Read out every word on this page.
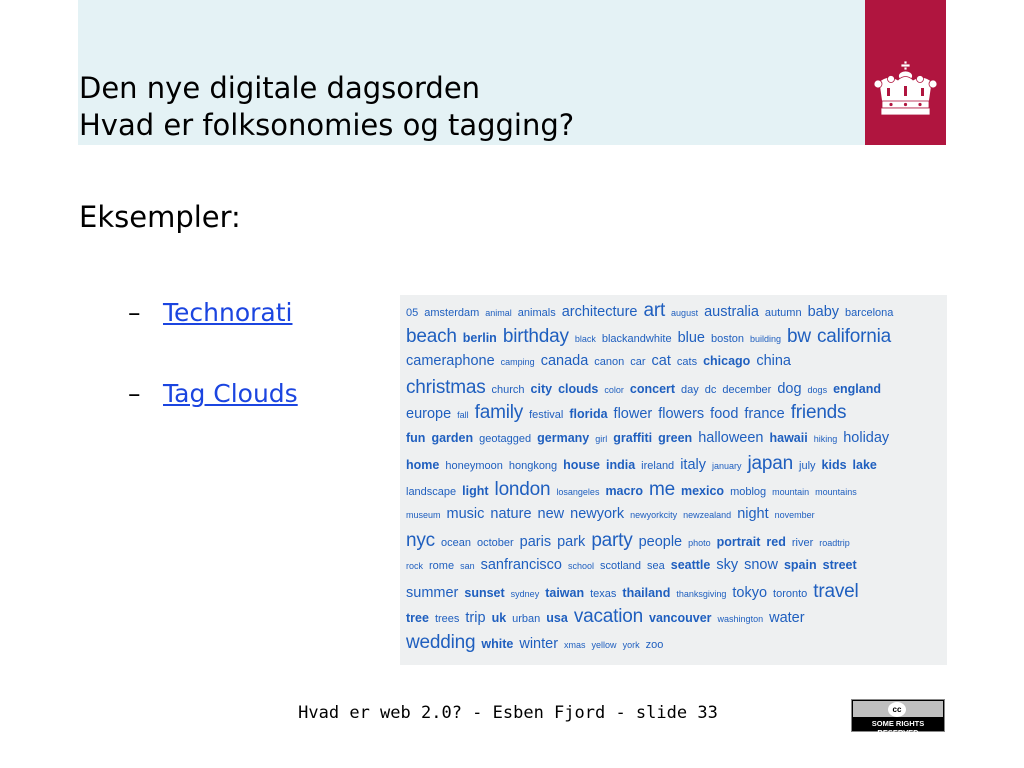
Den nye digitale dagsorden
Hvad er folksonomies og tagging?
Eksempler:
– Technorati
– Tag Clouds
05 amsterdam animal animals architecture art august australia autumn baby barcelona
beach berlin birthday black blackandwhite blue boston building bw california
cameraphone camping canada canon car cat cats chicago china
christmas church city clouds color concert day dc december dog dogs england
europe fall family festival florida flower flowers food france friends
fun garden geotagged germany girl graffiti green halloween hawaii hiking holiday
home honeymoon hongkong house india ireland italy january japan july kids lake
landscape light london losangeles macro me mexico moblog mountain mountains
museum music nature new newyork newyorkcity newzealand night november
nyc ocean october paris park party people photo portrait red river roadtrip
rock rome san sanfrancisco school scotland sea seattle sky snow spain street
summer sunset sydney taiwan texas thailand thanksgiving tokyo toronto travel
tree trees trip uk urban usa vacation vancouver washington water
wedding white winter xmas yellow york zoo
Hvad er web 2.0? - Esben Fjord - slide 33	cc
SOME RIGHTS RESERVED
